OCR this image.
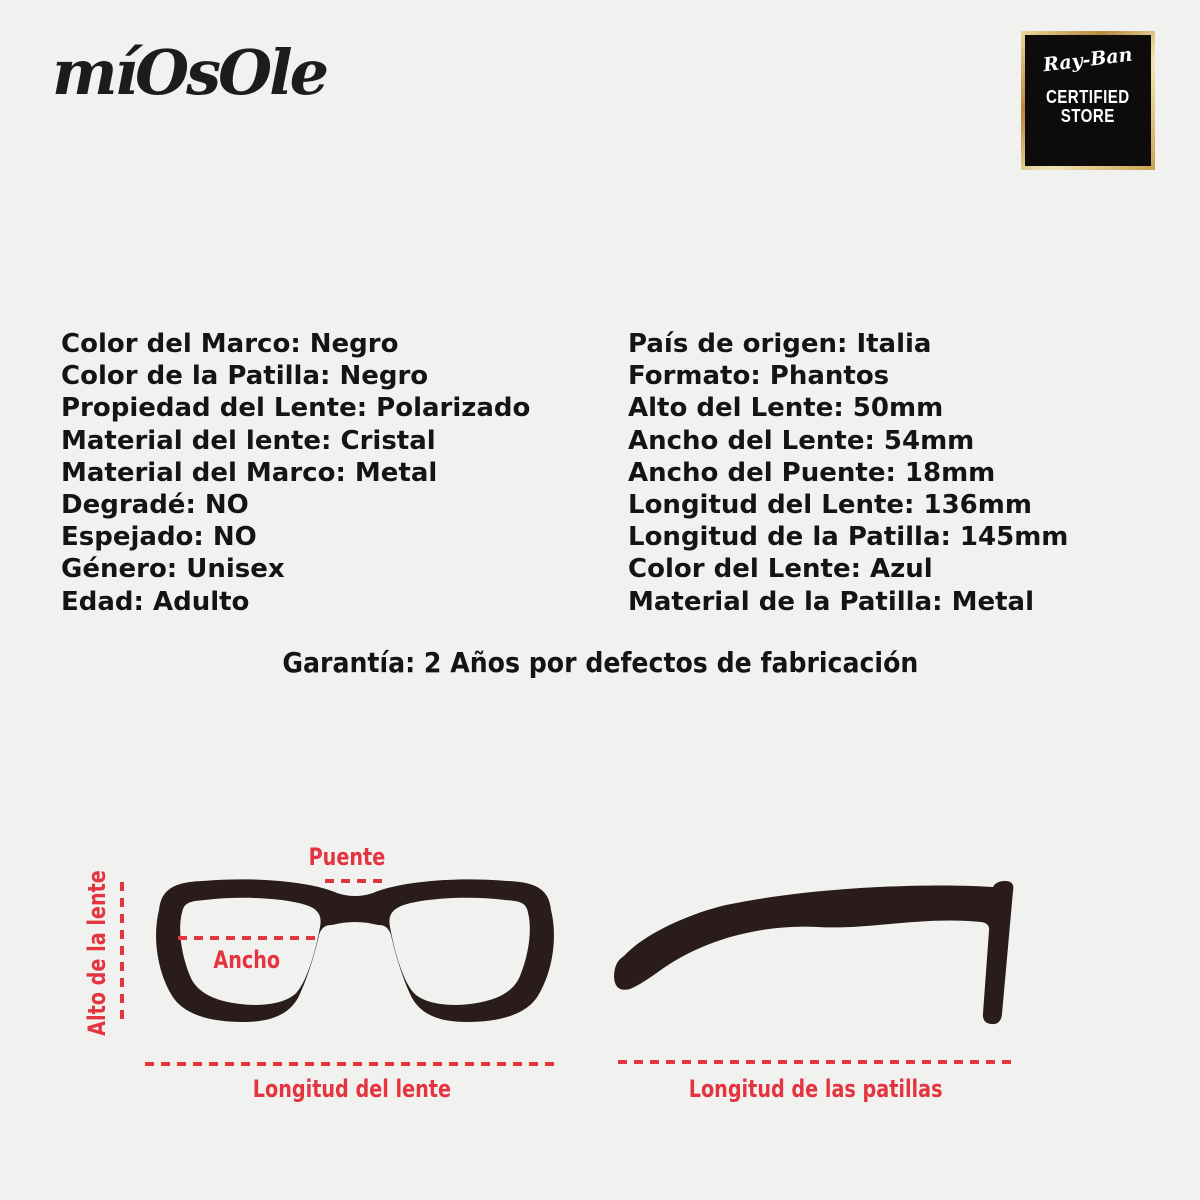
míOsOle	Ray-Ban
CERTIFIED
STORE
Color del Marco: Negro
Color de la Patilla: Negro
Propiedad del Lente: Polarizado
Material del lente: Cristal
Material del Marco: Metal
Degradé: NO
Espejado: NO
Género: Unisex
Edad: Adulto
País de origen: Italia
Formato: Phantos
Alto del Lente: 50mm
Ancho del Lente: 54mm
Ancho del Puente: 18mm
Longitud del Lente: 136mm
Longitud de la Patilla: 145mm
Color del Lente: Azul
Material de la Patilla: Metal
Garantía: 2 Años por defectos de fabricación
Puente
Alto de la lente	Ancho
Longitud del lente	Longitud de las patillas
